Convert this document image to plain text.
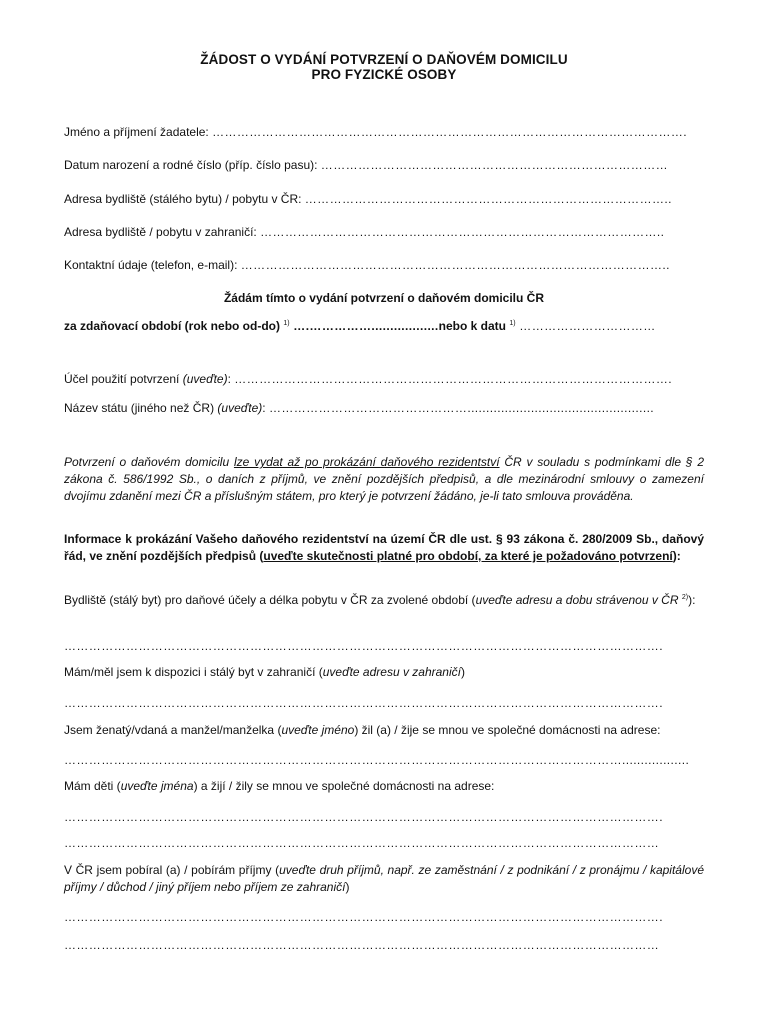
ŽÁDOST O VYDÁNÍ POTVRZENÍ O DAŇOVÉM DOMICILU
PRO FYZICKÉ OSOBY
Jméno a příjmení žadatele: …………………………………………………………………………………………………….
Datum narození a rodné číslo (příp. číslo pasu): …………………………………………………………………………
Adresa bydliště (stálého bytu) / pobytu v ČR: ……………………………………………………………………………..
Adresa bydliště / pobytu v zahraničí: ……………………………………………………………………………………..
Kontaktní údaje (telefon, e-mail): …………………………………………………………………………………………..
Žádám tímto o vydání potvrzení o daňovém domicilu ČR
za zdaňovací období (rok nebo od-do) $^{1)}$ ….……………..................nebo k datu $^{1)}$ ……………………………
Účel použití potvrzení (uveďte): …………………………………………………………………………………………….
Název státu (jiného než ČR) (uveďte): …………………………………………..................................................
Potvrzení o daňovém domicilu lze vydat až po prokázání daňového rezidentství ČR v souladu s podmínkami dle § 2 zákona č. 586/1992 Sb., o daních z příjmů, ve znění pozdějších předpisů, a dle mezinárodní smlouvy o zamezení dvojímu zdanění mezi ČR a příslušným státem, pro který je potvrzení žádáno, je-li tato smlouva prováděna.
Informace k prokázání Vašeho daňového rezidentství na území ČR dle ust. § 93 zákona č. 280/2009 Sb., daňový řád, ve znění pozdějších předpisů (uveďte skutečnosti platné pro období, za které je požadováno potvrzení):
Bydliště (stálý byt) pro daňové účely a délka pobytu v ČR za zvolené období (uveďte adresu a dobu strávenou v ČR $^{2)}$):
……………………………………………………………………………………………………………………………….
Mám/měl jsem k dispozici i stálý byt v zahraničí (uveďte adresu v zahraničí)
……………………………………………………………………………………………………………………………….
Jsem ženatý/vdaná a manžel/manželka (uveďte jméno) žil (a) / žije se mnou ve společné domácnosti na adrese:
………………………………………………………………………………………………………………………..................
Mám děti (uveďte jména) a žijí / žily se mnou ve společné domácnosti na adrese:
……………………………………………………………………………………………………………………………….
………………………………………………………………………………………………………………………………
V ČR jsem pobíral (a) / pobírám příjmy (uveďte druh příjmů, např. ze zaměstnání / z podnikání / z pronájmu / kapitálové příjmy / důchod / jiný příjem nebo příjem ze zahraničí)
……………………………………………………………………………………………………………………………….
………………………………………………………………………………………………………………………………
